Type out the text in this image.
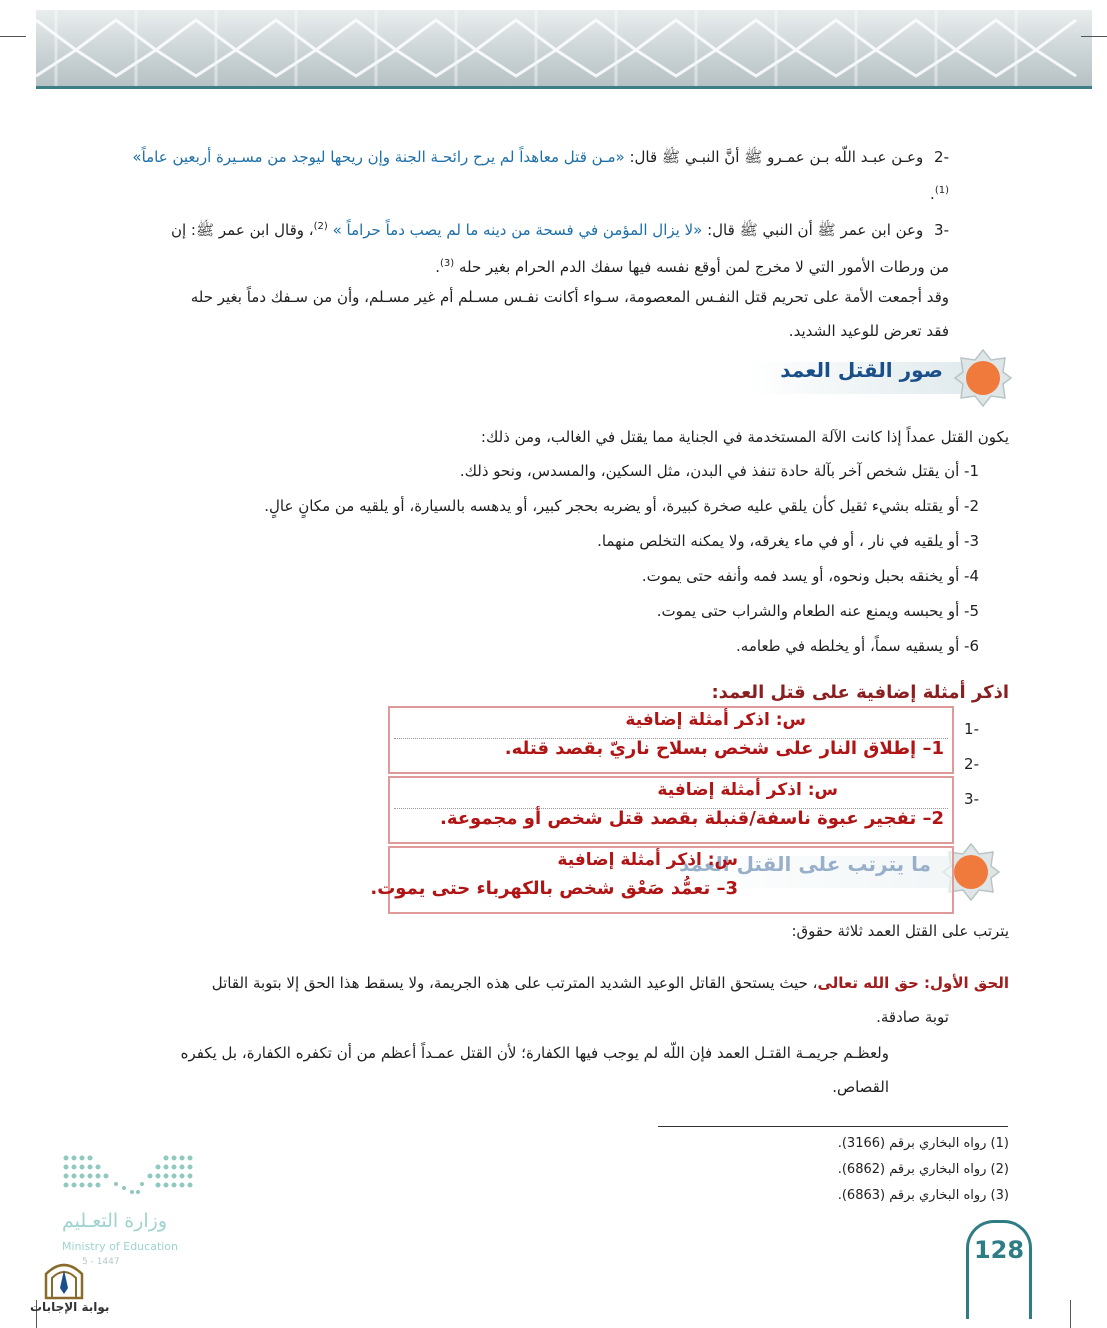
-2 وعـن عبـد اللّه بـن عمـرو ﷺ أنَّ النبـي ﷺ قال: «مـن قتل معاهداً لم يرح رائحـة الجنة وإن ريحها ليوجد من مسـيرة أربعين عاماً» $^{(1)}$.
-3 وعن ابن عمر ﷺ أن النبي ﷺ قال: «لا يزال المؤمن في فسحة من دينه ما لم يصب دماً حراماً » $^{(2)}$، وقال ابن عمر ﷺ: إن
من ورطات الأمور التي لا مخرج لمن أوقع نفسه فيها سفك الدم الحرام بغير حله $^{(3)}$.
وقد أجمعت الأمة على تحريم قتل النفـس المعصومة، سـواء أكانت نفـس مسـلم أم غير مسـلم، وأن من سـفك دماً بغير حله
فقد تعرض للوعيد الشديد.
صور القتل العمد
يكون القتل عمداً إذا كانت الآلة المستخدمة في الجناية مما يقتل في الغالب، ومن ذلك:
1- أن يقتل شخص آخر بآلة حادة تنفذ في البدن، مثل السكين، والمسدس، ونحو ذلك.
2- أو يقتله بشيء ثقيل كأن يلقي عليه صخرة كبيرة، أو يضربه بحجر كبير، أو يدهسه بالسيارة، أو يلقيه من مكانٍ عالٍ.
3- أو يلقيه في نار ، أو في ماء يغرقه، ولا يمكنه التخلص منهما.
4- أو يخنقه بحبل ونحوه، أو يسد فمه وأنفه حتى يموت.
5- أو يحبسه ويمنع عنه الطعام والشراب حتى يموت.
6- أو يسقيه سماً، أو يخلطه في طعامه.
اذكر أمثلة إضافية على قتل العمد:
-1
-2
-3
س: اذكر أمثلة إضافية
1– إطلاق النار على شخص بسلاح ناريّ بقصد قتله.
س: اذكر أمثلة إضافية
2– تفجير عبوة ناسفة/قنبلة بقصد قتل شخص أو مجموعة.
س: اذكر أمثلة إضافية
3– تعمُّد صَعْق شخص بالكهرباء حتى يموت.
يترتب على القتل العمد ثلاثة حقوق:
الحق الأول: حق الله تعالى، حيث يستحق القاتل الوعيد الشديد المترتب على هذه الجريمة، ولا يسقط هذا الحق إلا بتوبة القاتل
توبة صادقة.
ولعظـم جريمـة القتـل العمد فإن اللّه لم يوجب فيها الكفارة؛ لأن القتل عمـداً أعظم من أن تكفره الكفارة، بل يكفره
القصاص.
(1) رواه البخاري برقم (3166).
(2) رواه البخاري برقم (6862).
(3) رواه البخاري برقم (6863).
128
وزارة التعـليم
Ministry of Education
5 - 1447
بوابة الإجابات
